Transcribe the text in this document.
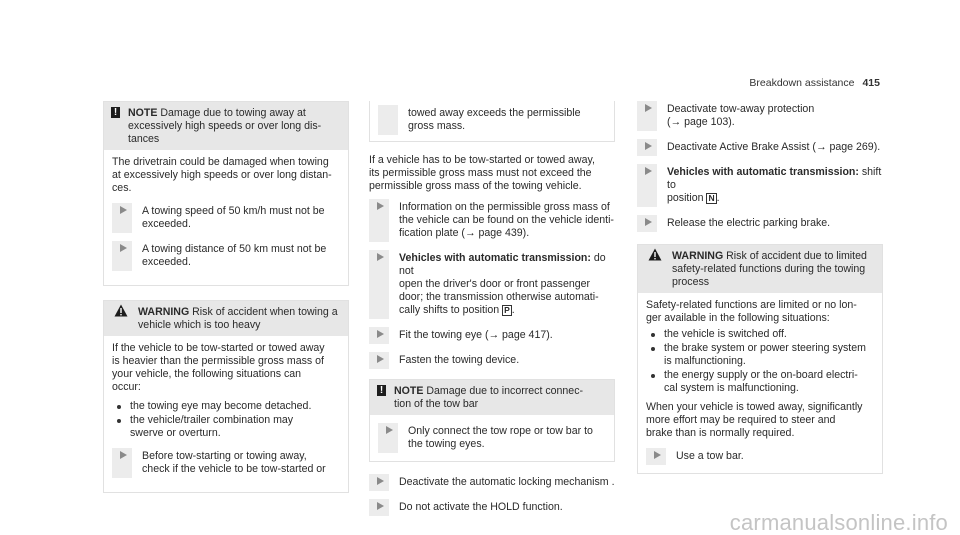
Breakdown assistance 415
! NOTE Damage due to towing away at
excessively high speeds or over long dis-
tances
The drivetrain could be damaged when towing
at excessively high speeds or over long distan-
ces.
A towing speed of 50 km/h must not be
exceeded.
A towing distance of 50 km must not be
exceeded.
WARNING Risk of accident when towing a
vehicle which is too heavy
If the vehicle to be tow-started or towed away
is heavier than the permissible gross mass of
your vehicle, the following situations can
occur:
the towing eye may become detached.
the vehicle/trailer combination may
swerve or overturn.
Before tow-starting or towing away,
check if the vehicle to be tow-started or
towed away exceeds the permissible
gross mass.
If a vehicle has to be tow-started or towed away,
its permissible gross mass must not exceed the
permissible gross mass of the towing vehicle.
Information on the permissible gross mass of
the vehicle can be found on the vehicle identi-
fication plate (→ page 439).
Vehicles with automatic transmission: do not
open the driver's door or front passenger
door; the transmission otherwise automati-
cally shifts to position P .
Fit the towing eye (→ page 417).
Fasten the towing device.
! NOTE Damage due to incorrect connec-
tion of the tow bar
Only connect the tow rope or tow bar to
the towing eyes.
Deactivate the automatic locking mechanism .
Do not activate the HOLD function.
Deactivate tow-away protection
(→ page 103).
Deactivate Active Brake Assist (→ page 269).
Vehicles with automatic transmission: shift to
position N .
Release the electric parking brake.
WARNING Risk of accident due to limited
safety-related functions during the towing
process
Safety-related functions are limited or no lon-
ger available in the following situations:
the vehicle is switched off.
the brake system or power steering system
is malfunctioning.
the energy supply or the on-board electri-
cal system is malfunctioning.
When your vehicle is towed away, significantly
more effort may be required to steer and
brake than is normally required.
Use a tow bar.
carmanualsonline.info
